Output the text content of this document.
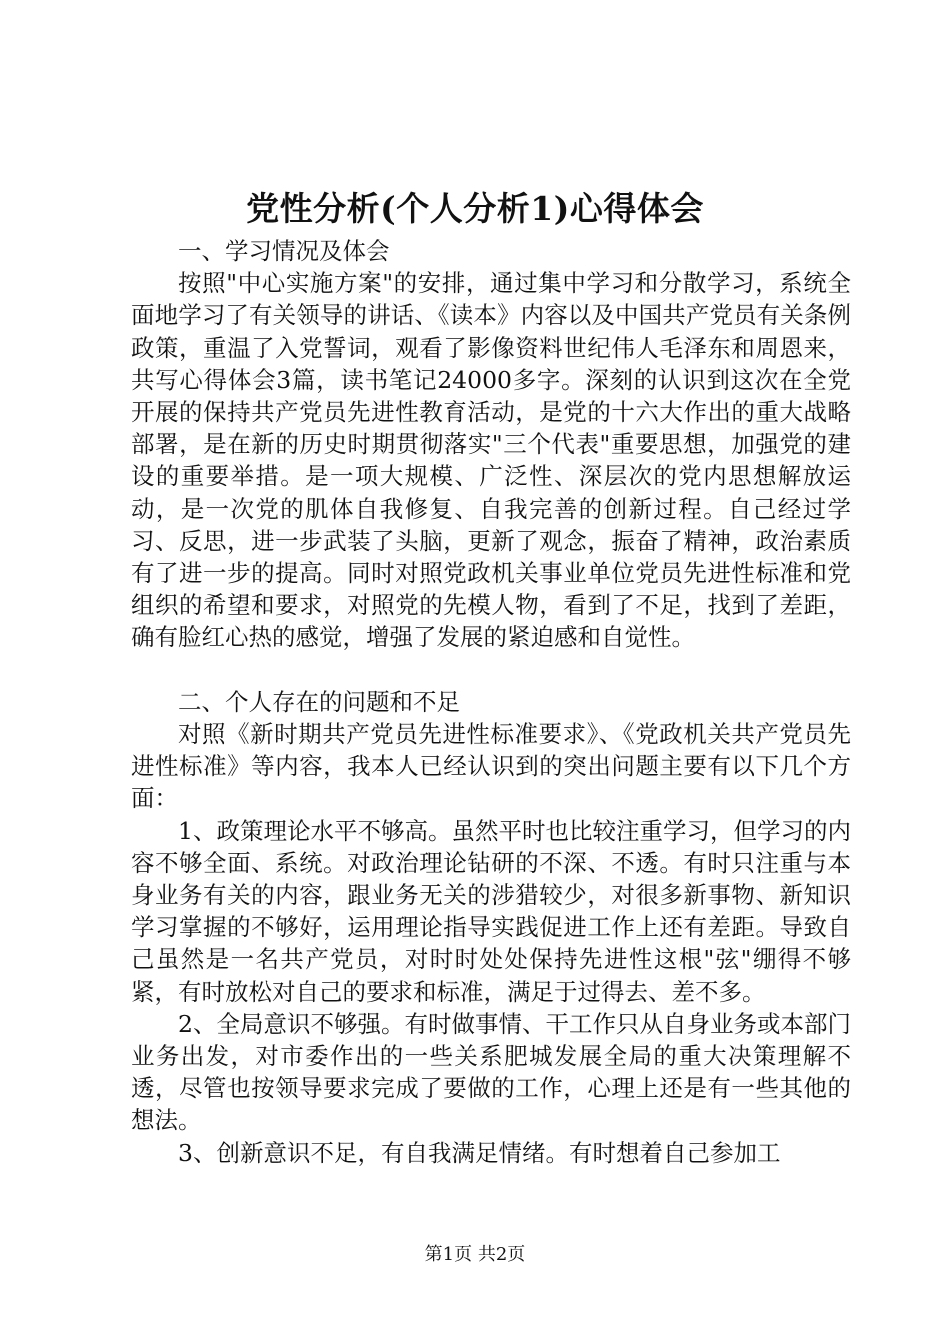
党性分析(个人分析1)心得体会

一、学习情况及体会

按照"中心实施方案"的安排，通过集中学习和分散学习，系统全面地学习了有关领导的讲话、《读本》内容以及中国共产党员有关条例政策，重温了入党誓词，观看了影像资料世纪伟人毛泽东和周恩来，共写心得体会3篇，读书笔记24000多字。深刻的认识到这次在全党开展的保持共产党员先进性教育活动，是党的十六大作出的重大战略部署，是在新的历史时期贯彻落实"三个代表"重要思想，加强党的建设的重要举措。是一项大规模、广泛性、深层次的党内思想解放运动，是一次党的肌体自我修复、自我完善的创新过程。自己经过学习、反思，进一步武装了头脑，更新了观念，振奋了精神，政治素质有了进一步的提高。同时对照党政机关事业单位党员先进性标准和党组织的希望和要求，对照党的先模人物，看到了不足，找到了差距，确有脸红心热的感觉，增强了发展的紧迫感和自觉性。

二、个人存在的问题和不足

对照《新时期共产党员先进性标准要求》、《党政机关共产党员先进性标准》等内容，我本人已经认识到的突出问题主要有以下几个方面：

1、政策理论水平不够高。虽然平时也比较注重学习，但学习的内容不够全面、系统。对政治理论钻研的不深、不透。有时只注重与本身业务有关的内容，跟业务无关的涉猎较少，对很多新事物、新知识学习掌握的不够好，运用理论指导实践促进工作上还有差距。导致自己虽然是一名共产党员，对时时处处保持先进性这根"弦"绷得不够紧，有时放松对自己的要求和标准，满足于过得去、差不多。

2、全局意识不够强。有时做事情、干工作只从自身业务或本部门业务出发，对市委作出的一些关系肥城发展全局的重大决策理解不透，尽管也按领导要求完成了要做的工作，心理上还是有一些其他的想法。

3、创新意识不足，有自我满足情绪。有时想着自己参加工

第1页 共2页
